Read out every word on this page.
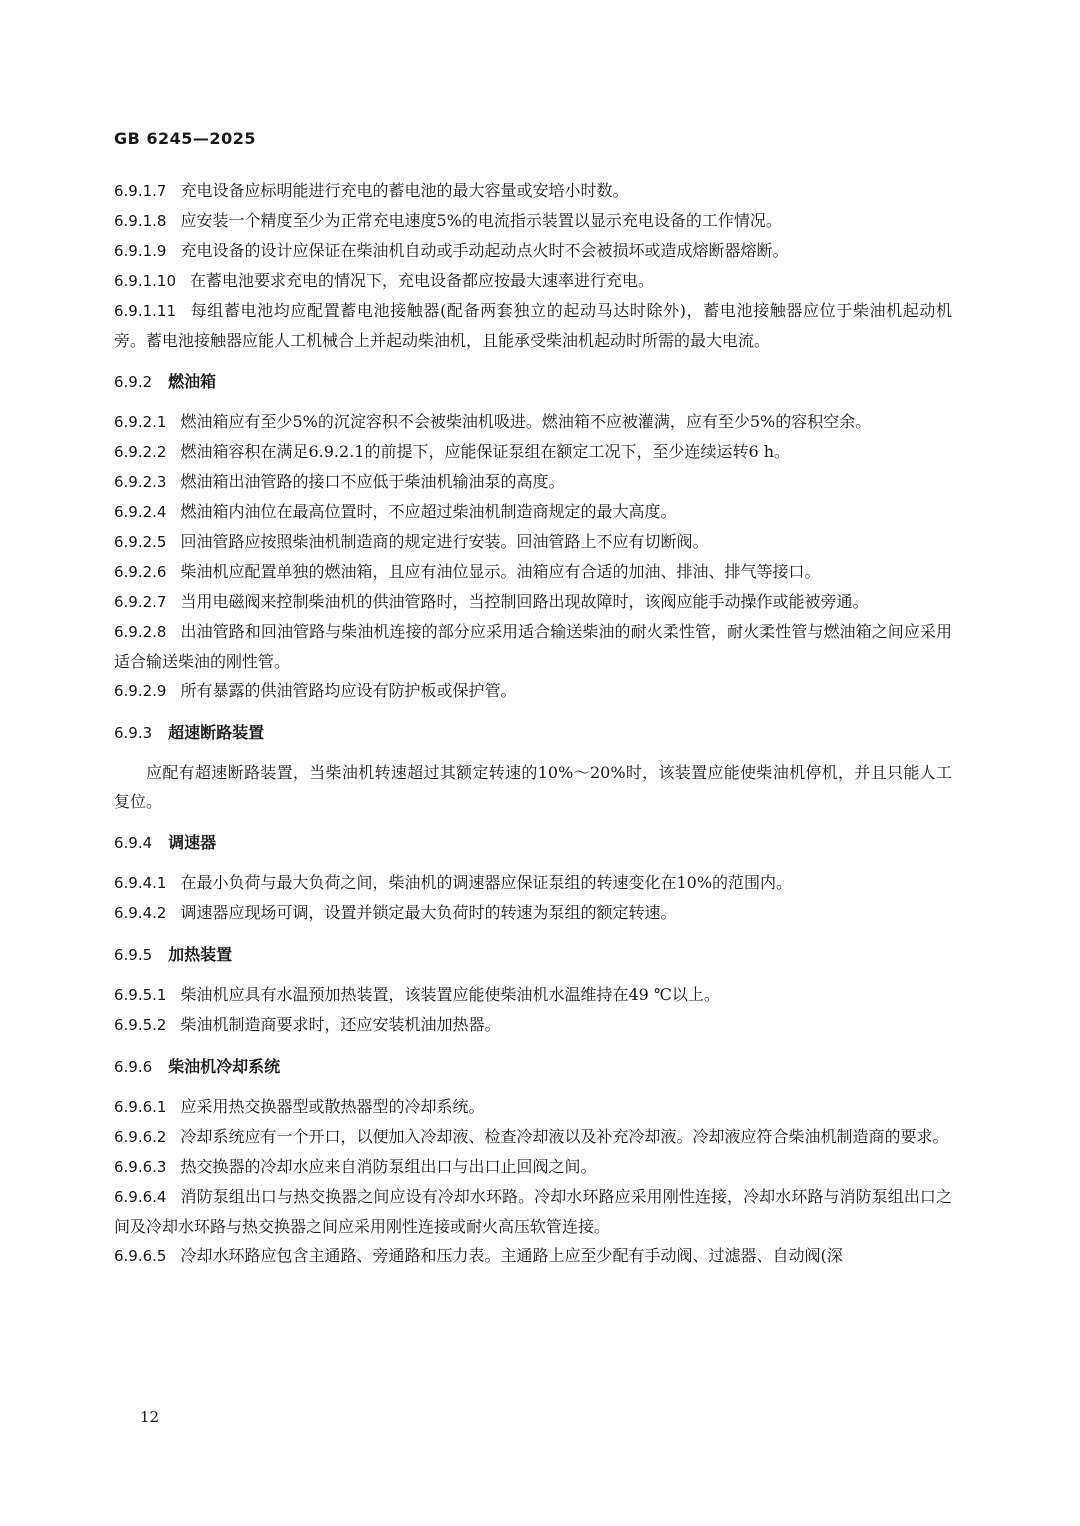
GB 6245—2025

6.9.1.7 充电设备应标明能进行充电的蓄电池的最大容量或安培小时数。

6.9.1.8 应安装一个精度至少为正常充电速度5%的电流指示装置以显示充电设备的工作情况。

6.9.1.9 充电设备的设计应保证在柴油机自动或手动起动点火时不会被损坏或造成熔断器熔断。

6.9.1.10 在蓄电池要求充电的情况下，充电设备都应按最大速率进行充电。

6.9.1.11 每组蓄电池均应配置蓄电池接触器(配备两套独立的起动马达时除外)，蓄电池接触器应位于柴油机起动机旁。蓄电池接触器应能人工机械合上并起动柴油机，且能承受柴油机起动时所需的最大电流。

6.9.2 燃油箱

6.9.2.1 燃油箱应有至少5%的沉淀容积不会被柴油机吸进。燃油箱不应被灌满，应有至少5%的容积空余。

6.9.2.2 燃油箱容积在满足6.9.2.1的前提下，应能保证泵组在额定工况下，至少连续运转6 h。

6.9.2.3 燃油箱出油管路的接口不应低于柴油机输油泵的高度。

6.9.2.4 燃油箱内油位在最高位置时，不应超过柴油机制造商规定的最大高度。

6.9.2.5 回油管路应按照柴油机制造商的规定进行安装。回油管路上不应有切断阀。

6.9.2.6 柴油机应配置单独的燃油箱，且应有油位显示。油箱应有合适的加油、排油、排气等接口。

6.9.2.7 当用电磁阀来控制柴油机的供油管路时，当控制回路出现故障时，该阀应能手动操作或能被旁通。

6.9.2.8 出油管路和回油管路与柴油机连接的部分应采用适合输送柴油的耐火柔性管，耐火柔性管与燃油箱之间应采用适合输送柴油的刚性管。

6.9.2.9 所有暴露的供油管路均应设有防护板或保护管。

6.9.3 超速断路装置

应配有超速断路装置，当柴油机转速超过其额定转速的10%～20%时，该装置应能使柴油机停机，并且只能人工复位。

6.9.4 调速器

6.9.4.1 在最小负荷与最大负荷之间，柴油机的调速器应保证泵组的转速变化在10%的范围内。

6.9.4.2 调速器应现场可调，设置并锁定最大负荷时的转速为泵组的额定转速。

6.9.5 加热装置

6.9.5.1 柴油机应具有水温预加热装置，该装置应能使柴油机水温维持在49 ℃以上。

6.9.5.2 柴油机制造商要求时，还应安装机油加热器。

6.9.6 柴油机冷却系统

6.9.6.1 应采用热交换器型或散热器型的冷却系统。

6.9.6.2 冷却系统应有一个开口，以便加入冷却液、检查冷却液以及补充冷却液。冷却液应符合柴油机制造商的要求。

6.9.6.3 热交换器的冷却水应来自消防泵组出口与出口止回阀之间。

6.9.6.4 消防泵组出口与热交换器之间应设有冷却水环路。冷却水环路应采用刚性连接，冷却水环路与消防泵组出口之间及冷却水环路与热交换器之间应采用刚性连接或耐火高压软管连接。

6.9.6.5 冷却水环路应包含主通路、旁通路和压力表。主通路上应至少配有手动阀、过滤器、自动阀(深

12
